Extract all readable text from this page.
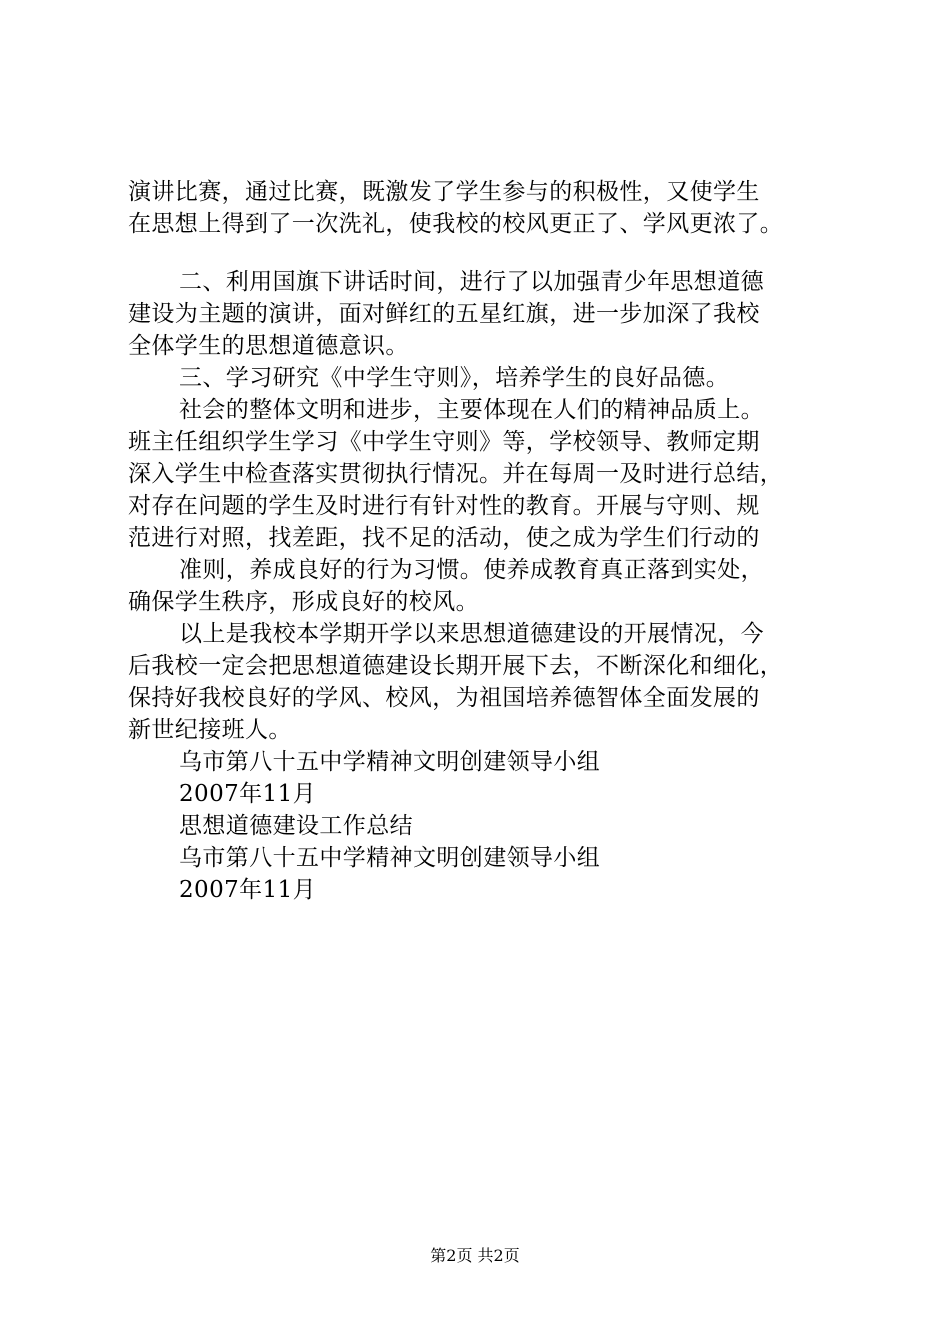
演讲比赛，通过比赛，既激发了学生参与的积极性，又使学生
在思想上得到了一次洗礼，使我校的校风更正了、学风更浓了。
二、利用国旗下讲话时间，进行了以加强青少年思想道德
建设为主题的演讲，面对鲜红的五星红旗，进一步加深了我校
全体学生的思想道德意识。
三、学习研究《中学生守则》，培养学生的良好品德。
社会的整体文明和进步，主要体现在人们的精神品质上。
班主任组织学生学习《中学生守则》等，学校领导、教师定期
深入学生中检查落实贯彻执行情况。并在每周一及时进行总结，
对存在问题的学生及时进行有针对性的教育。开展与守则、规
范进行对照，找差距，找不足的活动，使之成为学生们行动的
准则，养成良好的行为习惯。使养成教育真正落到实处，
确保学生秩序，形成良好的校风。
以上是我校本学期开学以来思想道德建设的开展情况，今
后我校一定会把思想道德建设长期开展下去，不断深化和细化，
保持好我校良好的学风、校风，为祖国培养德智体全面发展的
新世纪接班人。
乌市第八十五中学精神文明创建领导小组
2007年11月
思想道德建设工作总结
乌市第八十五中学精神文明创建领导小组
2007年11月
第2页 共2页
